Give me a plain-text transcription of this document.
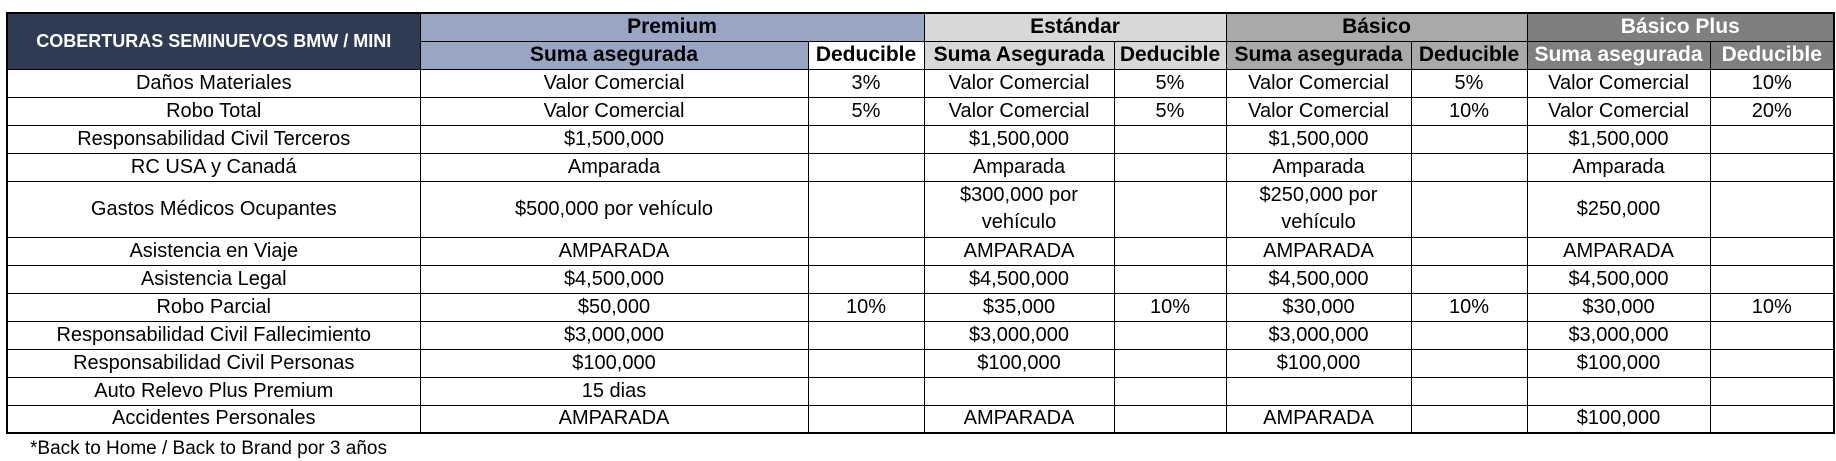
COBERTURAS SEMINUEVOS BMW / MINI	Premium		Estándar		Básico		Básico Plus	
	Suma asegurada	Deducible	Suma Asegurada	Deducible	Suma asegurada	Deducible	Suma asegurada	Deducible
Daños Materiales	Valor Comercial	3%	Valor Comercial	5%	Valor Comercial	5%	Valor Comercial	10%
Robo Total	Valor Comercial	5%	Valor Comercial	5%	Valor Comercial	10%	Valor Comercial	20%
Responsabilidad Civil Terceros	$1,500,000		$1,500,000		$1,500,000		$1,500,000	
RC USA y Canadá	Amparada		Amparada		Amparada		Amparada	
Gastos Médicos Ocupantes	$500,000 por vehículo		$300,000 por vehículo		$250,000 por vehículo		$250,000	
Asistencia en Viaje	AMPARADA		AMPARADA		AMPARADA		AMPARADA	
Asistencia Legal	$4,500,000		$4,500,000		$4,500,000		$4,500,000	
Robo Parcial	$50,000	10%	$35,000	10%	$30,000	10%	$30,000	10%
Responsabilidad Civil Fallecimiento	$3,000,000		$3,000,000		$3,000,000		$3,000,000	
Responsabilidad Civil Personas	$100,000		$100,000		$100,000		$100,000	
Auto Relevo Plus Premium	15 dias							
Accidentes Personales	AMPARADA		AMPARADA		AMPARADA		$100,000	
*Back to Home / Back to Brand por 3 años
